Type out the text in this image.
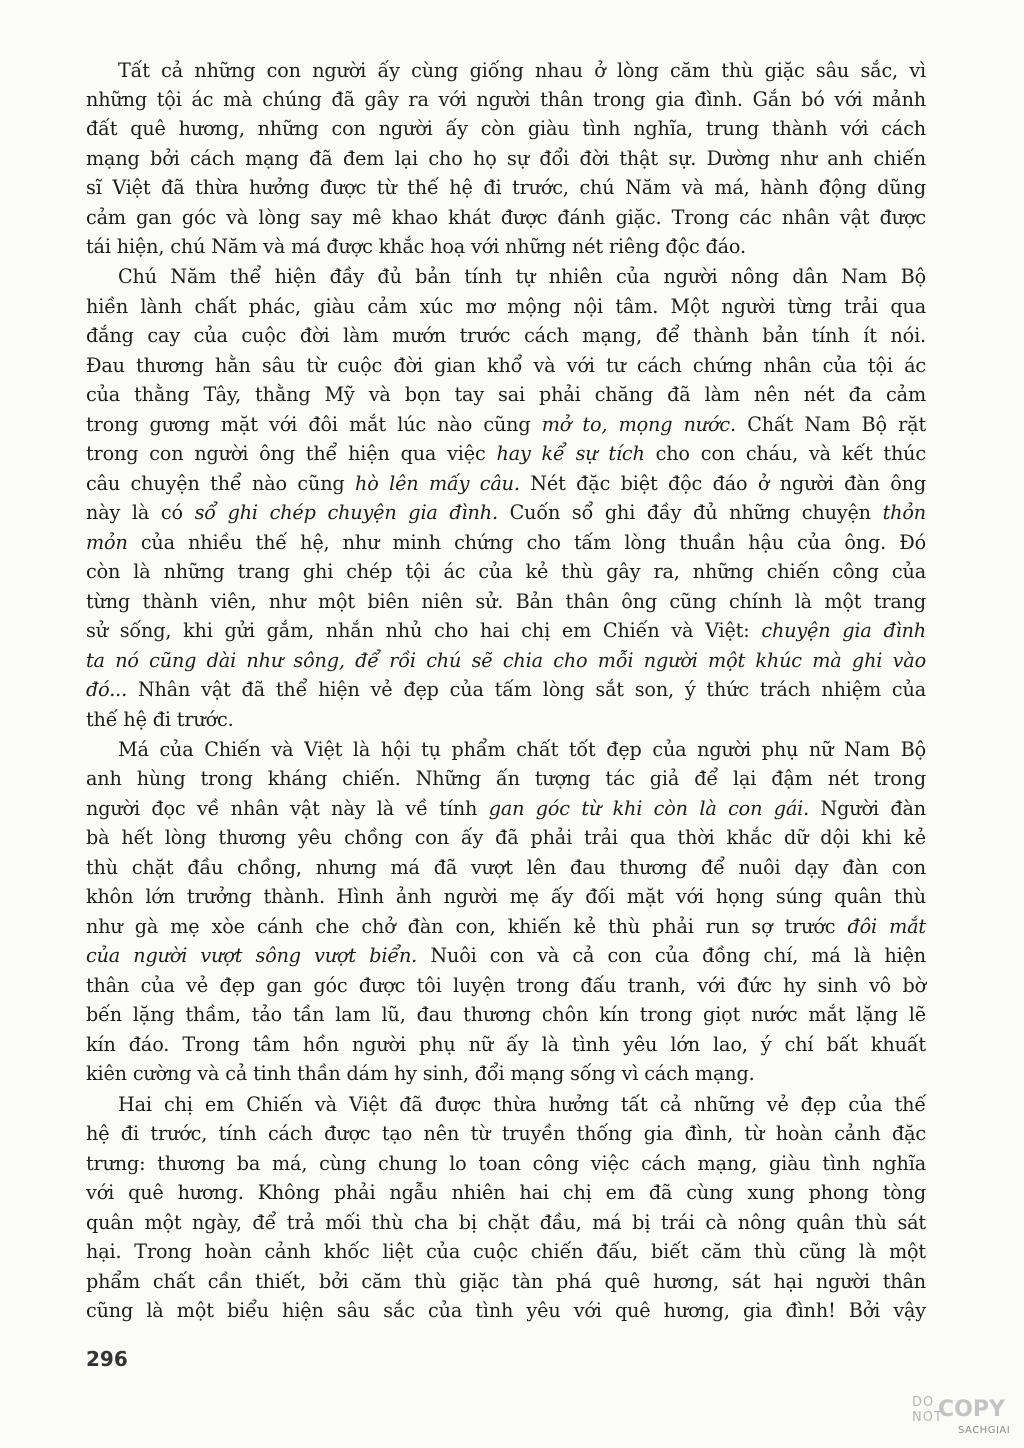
Tất cả những con người ấy cùng giống nhau ở lòng căm thù giặc sâu sắc, vì
những tội ác mà chúng đã gây ra với người thân trong gia đình. Gắn bó với mảnh
đất quê hương, những con người ấy còn giàu tình nghĩa, trung thành với cách
mạng bởi cách mạng đã đem lại cho họ sự đổi đời thật sự. Dường như anh chiến
sĩ Việt đã thừa hưởng được từ thế hệ đi trước, chú Năm và má, hành động dũng
cảm gan góc và lòng say mê khao khát được đánh giặc. Trong các nhân vật được
tái hiện, chú Năm và má được khắc hoạ với những nét riêng độc đáo.
Chú Năm thể hiện đầy đủ bản tính tự nhiên của người nông dân Nam Bộ
hiền lành chất phác, giàu cảm xúc mơ mộng nội tâm. Một người từng trải qua
đắng cay của cuộc đời làm mướn trước cách mạng, để thành bản tính ít nói.
Đau thương hằn sâu từ cuộc đời gian khổ và với tư cách chứng nhân của tội ác
của thằng Tây, thằng Mỹ và bọn tay sai phải chăng đã làm nên nét đa cảm
trong gương mặt với đôi mắt lúc nào cũng mở to, mọng nước. Chất Nam Bộ rặt
trong con người ông thể hiện qua việc hay kể sự tích cho con cháu, và kết thúc
câu chuyện thể nào cũng hò lên mấy câu. Nét đặc biệt độc đáo ở người đàn ông
này là có sổ ghi chép chuyện gia đình. Cuốn sổ ghi đầy đủ những chuyện thỏn
mỏn của nhiều thế hệ, như minh chứng cho tấm lòng thuần hậu của ông. Đó
còn là những trang ghi chép tội ác của kẻ thù gây ra, những chiến công của
từng thành viên, như một biên niên sử. Bản thân ông cũng chính là một trang
sử sống, khi gửi gắm, nhắn nhủ cho hai chị em Chiến và Việt: chuyện gia đình
ta nó cũng dài như sông, để rồi chú sẽ chia cho mỗi người một khúc mà ghi vào
đó... Nhân vật đã thể hiện vẻ đẹp của tấm lòng sắt son, ý thức trách nhiệm của
thế hệ đi trước.
Má của Chiến và Việt là hội tụ phẩm chất tốt đẹp của người phụ nữ Nam Bộ
anh hùng trong kháng chiến. Những ấn tượng tác giả để lại đậm nét trong
người đọc về nhân vật này là về tính gan góc từ khi còn là con gái. Người đàn
bà hết lòng thương yêu chồng con ấy đã phải trải qua thời khắc dữ dội khi kẻ
thù chặt đầu chồng, nhưng má đã vượt lên đau thương để nuôi dạy đàn con
khôn lớn trưởng thành. Hình ảnh người mẹ ấy đối mặt với họng súng quân thù
như gà mẹ xòe cánh che chở đàn con, khiến kẻ thù phải run sợ trước đôi mắt
của người vượt sông vượt biển. Nuôi con và cả con của đồng chí, má là hiện
thân của vẻ đẹp gan góc được tôi luyện trong đấu tranh, với đức hy sinh vô bờ
bến lặng thầm, tảo tần lam lũ, đau thương chôn kín trong giọt nước mắt lặng lẽ
kín đáo. Trong tâm hồn người phụ nữ ấy là tình yêu lớn lao, ý chí bất khuất
kiên cường và cả tinh thần dám hy sinh, đổi mạng sống vì cách mạng.
Hai chị em Chiến và Việt đã được thừa hưởng tất cả những vẻ đẹp của thế
hệ đi trước, tính cách được tạo nên từ truyền thống gia đình, từ hoàn cảnh đặc
trưng: thương ba má, cùng chung lo toan công việc cách mạng, giàu tình nghĩa
với quê hương. Không phải ngẫu nhiên hai chị em đã cùng xung phong tòng
quân một ngày, để trả mối thù cha bị chặt đầu, má bị trái cà nông quân thù sát
hại. Trong hoàn cảnh khốc liệt của cuộc chiến đấu, biết căm thù cũng là một
phẩm chất cần thiết, bởi căm thù giặc tàn phá quê hương, sát hại người thân
cũng là một biểu hiện sâu sắc của tình yêu với quê hương, gia đình! Bởi vậy
296
DO
NOT
COPY
SACHGIAI
